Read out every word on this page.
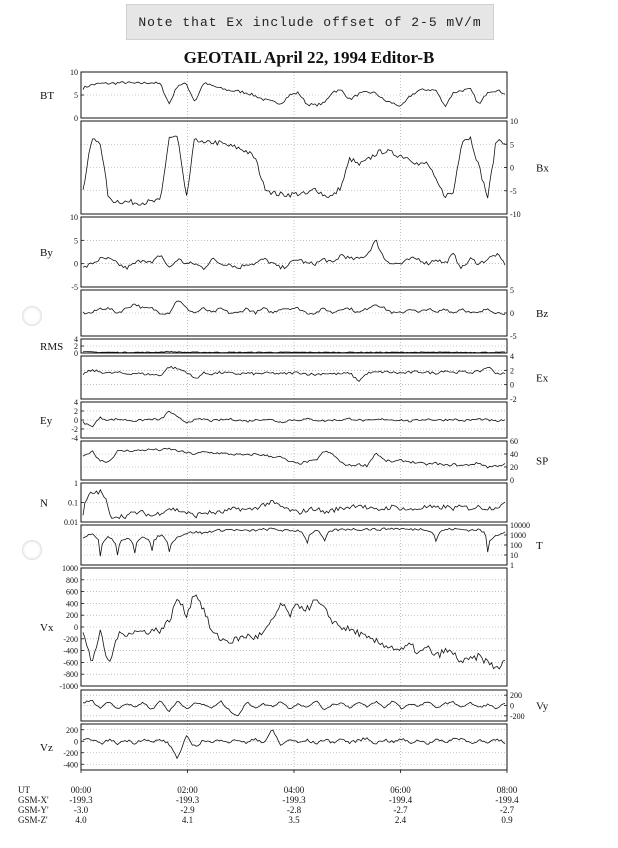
Note that Ex include offset of 2-5 mV/m
GEOTAIL April 22, 1994 Editor-B
10
5
0
BT
10
5
0
-5
-10
Bx
10
5
0
-5
By
5
0
-5
Bz
4
2
0
RMS
4
2
0
-2
Ex
4
2
0
-2
-4
Ey
60
40
20
0
SP
1
0.1
0.01
N
10000
1000
100
10
1
T
1000
800
600
400
200
0
-200
-400
-600
-800
-1000
Vx
200
0
-200
Vy
200
0
-200
-400
Vz
UT	00:00	02:00	04:00	06:00	08:00
GSM-X' -199.3	-199.3	-199.3	-199.4	-199.4
GSM-Y'	-3.0	-2.9	-2.8	-2.7	-2.7
GSM-Z'	4.0	4.1	3.5	2.4	0.9
